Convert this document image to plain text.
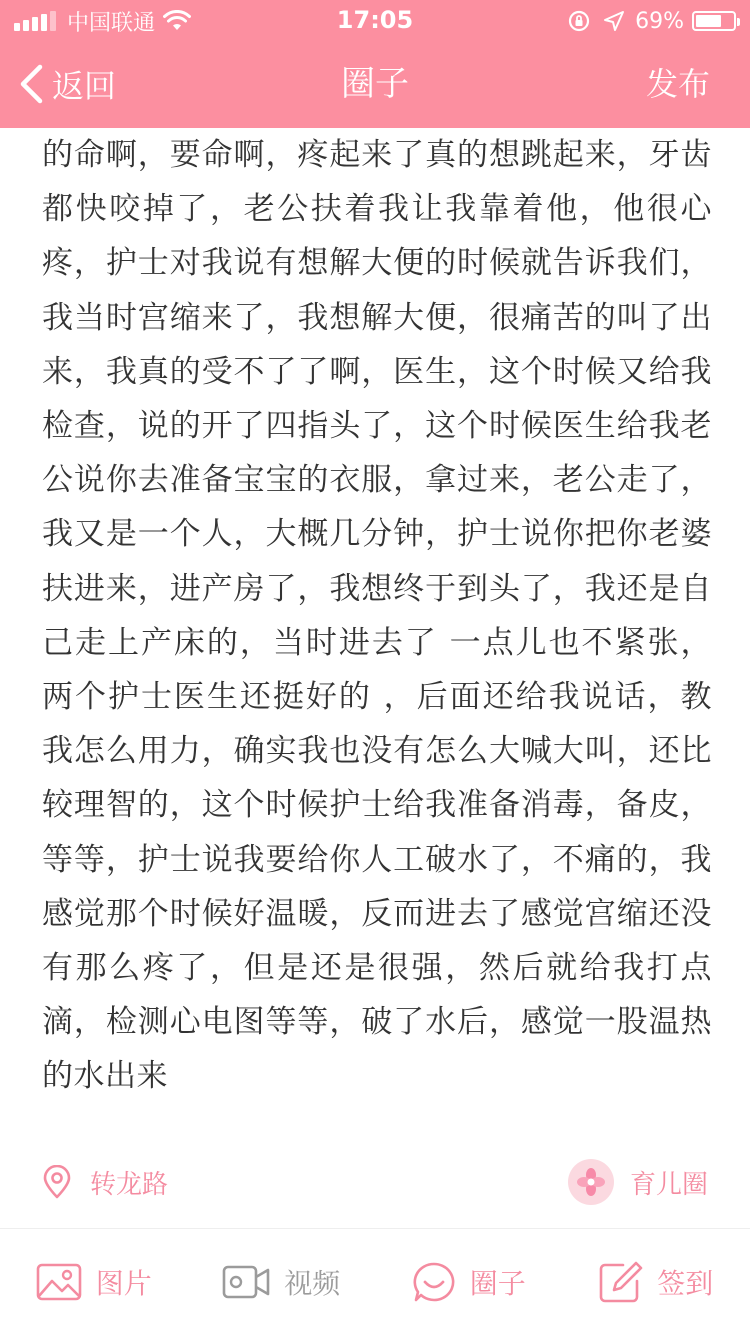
中国联通	17:05	69%
返回	圈子	发布

的命啊，要命啊，疼起来了真的想跳起来，牙齿都快咬掉了，老公扶着我让我靠着他，他很心疼，护士对我说有想解大便的时候就告诉我们，我当时宫缩来了，我想解大便，很痛苦的叫了出来，我真的受不了了啊，医生，这个时候又给我检查，说的开了四指头了，这个时候医生给我老公说你去准备宝宝的衣服，拿过来，老公走了，我又是一个人，大概几分钟，护士说你把你老婆扶进来，进产房了，我想终于到头了，我还是自己走上产床的，当时进去了 一点儿也不紧张，两个护士医生还挺好的 ，后面还给我说话，教我怎么用力，确实我也没有怎么大喊大叫，还比较理智的，这个时候护士给我准备消毒，备皮，等等，护士说我要给你人工破水了，不痛的，我感觉那个时候好温暖，反而进去了感觉宫缩还没有那么疼了，但是还是很强，然后就给我打点滴，检测心电图等等，破了水后，感觉一股温热的水出来

转龙路	育儿圈
图片	视频	圈子	签到
